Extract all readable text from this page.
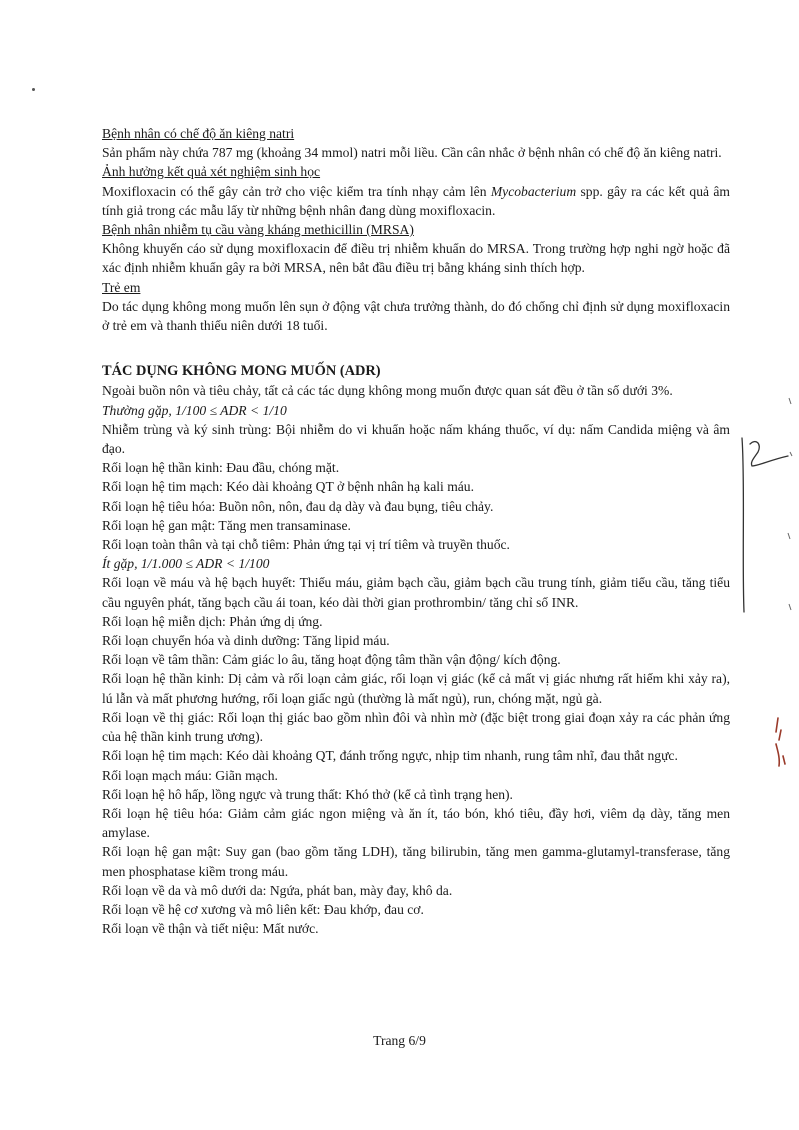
Bệnh nhân có chế độ ăn kiêng natri

Sản phẩm này chứa 787 mg (khoảng 34 mmol) natri mỗi liều. Cần cân nhắc ở bệnh nhân có chế độ ăn kiêng natri.

Ảnh hưởng kết quả xét nghiệm sinh học

Moxifloxacin có thể gây cản trở cho việc kiểm tra tính nhạy cảm lên Mycobacterium spp. gây ra các kết quả âm tính giả trong các mẫu lấy từ những bệnh nhân đang dùng moxifloxacin.

Bệnh nhân nhiễm tụ cầu vàng kháng methicillin (MRSA)

Không khuyến cáo sử dụng moxifloxacin để điều trị nhiễm khuẩn do MRSA. Trong trường hợp nghi ngờ hoặc đã xác định nhiễm khuẩn gây ra bởi MRSA, nên bắt đầu điều trị bằng kháng sinh thích hợp.

Trẻ em

Do tác dụng không mong muốn lên sụn ở động vật chưa trưởng thành, do đó chống chỉ định sử dụng moxifloxacin ở trẻ em và thanh thiếu niên dưới 18 tuổi.

TÁC DỤNG KHÔNG MONG MUỐN (ADR)

Ngoài buồn nôn và tiêu chảy, tất cả các tác dụng không mong muốn được quan sát đều ở tần số dưới 3%.

Thường gặp, 1/100 ≤ ADR < 1/10

Nhiễm trùng và ký sinh trùng: Bội nhiễm do vi khuẩn hoặc nấm kháng thuốc, ví dụ: nấm Candida miệng và âm đạo.

Rối loạn hệ thần kinh: Đau đầu, chóng mặt.

Rối loạn hệ tim mạch: Kéo dài khoảng QT ở bệnh nhân hạ kali máu.

Rối loạn hệ tiêu hóa: Buồn nôn, nôn, đau dạ dày và đau bụng, tiêu chảy.

Rối loạn hệ gan mật: Tăng men transaminase.

Rối loạn toàn thân và tại chỗ tiêm: Phản ứng tại vị trí tiêm và truyền thuốc.

Ít gặp, 1/1.000 ≤ ADR < 1/100

Rối loạn về máu và hệ bạch huyết: Thiếu máu, giảm bạch cầu, giảm bạch cầu trung tính, giảm tiểu cầu, tăng tiểu cầu nguyên phát, tăng bạch cầu ái toan, kéo dài thời gian prothrombin/ tăng chỉ số INR.

Rối loạn hệ miễn dịch: Phản ứng dị ứng.

Rối loạn chuyển hóa và dinh dưỡng: Tăng lipid máu.

Rối loạn về tâm thần: Cảm giác lo âu, tăng hoạt động tâm thần vận động/ kích động.

Rối loạn hệ thần kinh: Dị cảm và rối loạn cảm giác, rối loạn vị giác (kể cả mất vị giác nhưng rất hiếm khi xảy ra), lú lẫn và mất phương hướng, rối loạn giấc ngủ (thường là mất ngủ), run, chóng mặt, ngủ gà.

Rối loạn về thị giác: Rối loạn thị giác bao gồm nhìn đôi và nhìn mờ (đặc biệt trong giai đoạn xảy ra các phản ứng của hệ thần kinh trung ương).

Rối loạn hệ tim mạch: Kéo dài khoảng QT, đánh trống ngực, nhịp tim nhanh, rung tâm nhĩ, đau thắt ngực.

Rối loạn mạch máu: Giãn mạch.

Rối loạn hệ hô hấp, lồng ngực và trung thất: Khó thở (kể cả tình trạng hen).

Rối loạn hệ tiêu hóa: Giảm cảm giác ngon miệng và ăn ít, táo bón, khó tiêu, đầy hơi, viêm dạ dày, tăng men amylase.

Rối loạn hệ gan mật: Suy gan (bao gồm tăng LDH), tăng bilirubin, tăng men gamma-glutamyl-transferase, tăng men phosphatase kiềm trong máu.

Rối loạn về da và mô dưới da: Ngứa, phát ban, mày đay, khô da.

Rối loạn về hệ cơ xương và mô liên kết: Đau khớp, đau cơ.

Rối loạn về thận và tiết niệu: Mất nước.

Trang 6/9
